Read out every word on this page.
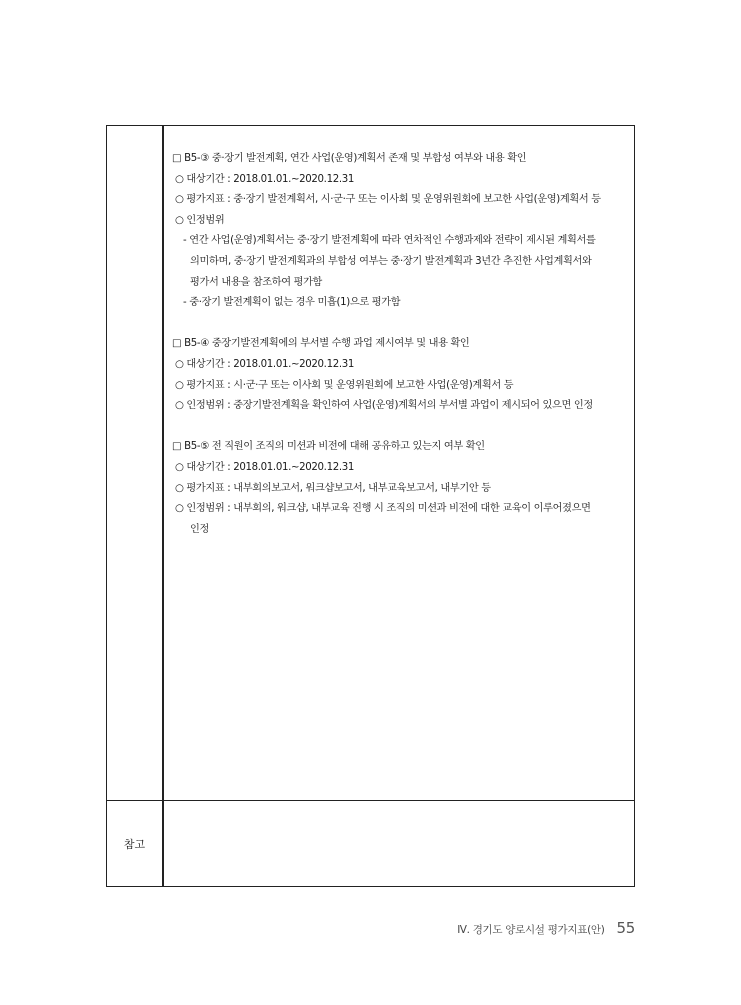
□ B5-③ 중·장기 발전계획, 연간 사업(운영)계획서 존재 및 부합성 여부와 내용 확인
○ 대상기간 : 2018.01.01.~2020.12.31
○ 평가지표 : 중·장기 발전계획서, 시·군·구 또는 이사회 및 운영위원회에 보고한 사업(운영)계획서 등
○ 인정범위
- 연간 사업(운영)계획서는 중·장기 발전계획에 따라 연차적인 수행과제와 전략이 제시된 계획서를
의미하며, 중·장기 발전계획과의 부합성 여부는 중·장기 발전계획과 3년간 추진한 사업계획서와
평가서 내용을 참조하여 평가함
- 중·장기 발전계획이 없는 경우 미흡(1)으로 평가함
□ B5-④ 중장기발전계획에의 부서별 수행 과업 제시여부 및 내용 확인
○ 대상기간 : 2018.01.01.~2020.12.31
○ 평가지표 : 시·군·구 또는 이사회 및 운영위원회에 보고한 사업(운영)계획서 등
○ 인정범위 : 중장기발전계획을 확인하여 사업(운영)계획서의 부서별 과업이 제시되어 있으면 인정
□ B5-⑤ 전 직원이 조직의 미션과 비전에 대해 공유하고 있는지 여부 확인
○ 대상기간 : 2018.01.01.~2020.12.31
○ 평가지표 : 내부회의보고서, 워크샵보고서, 내부교육보고서, 내부기안 등
○ 인정범위 : 내부회의, 워크샵, 내부교육 진행 시 조직의 미션과 비전에 대한 교육이 이루어졌으면
인정
참고
Ⅳ. 경기도 양로시설 평가지표(안) 55
